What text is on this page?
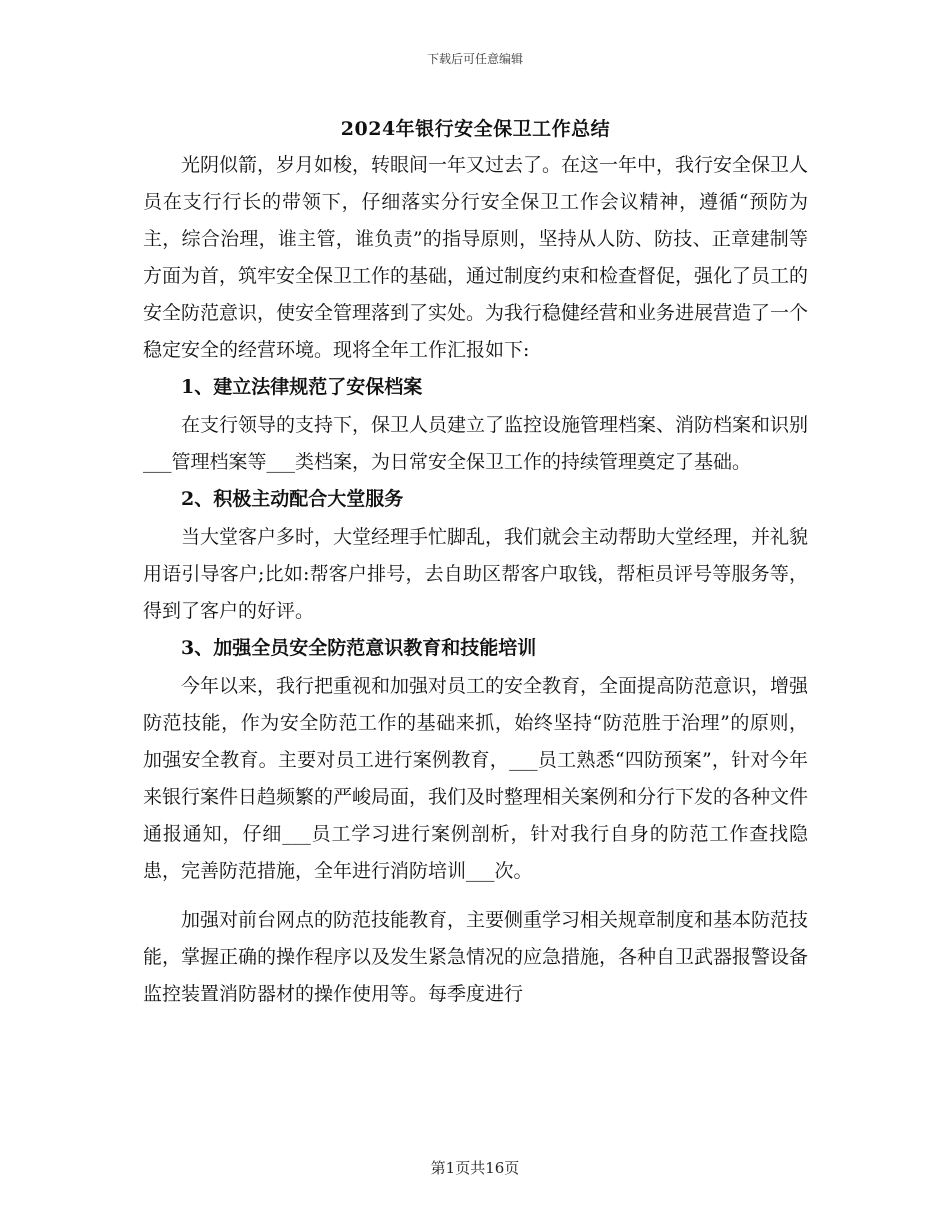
下载后可任意编辑
2024年银行安全保卫工作总结

光阴似箭，岁月如梭，转眼间一年又过去了。在这一年中，我行安全保卫人员在支行行长的带领下，仔细落实分行安全保卫工作会议精神，遵循“预防为主，综合治理，谁主管，谁负责”的指导原则，坚持从人防、防技、正章建制等方面为首，筑牢安全保卫工作的基础，通过制度约束和检查督促，强化了员工的安全防范意识，使安全管理落到了实处。为我行稳健经营和业务进展营造了一个稳定安全的经营环境。现将全年工作汇报如下:

1、建立法律规范了安保档案

在支行领导的支持下，保卫人员建立了监控设施管理档案、消防档案和识别___管理档案等___类档案，为日常安全保卫工作的持续管理奠定了基础。

2、积极主动配合大堂服务

当大堂客户多时，大堂经理手忙脚乱，我们就会主动帮助大堂经理，并礼貌用语引导客户;比如:帮客户排号，去自助区帮客户取钱，帮柜员评号等服务等，得到了客户的好评。

3、加强全员安全防范意识教育和技能培训

今年以来，我行把重视和加强对员工的安全教育，全面提高防范意识，增强防范技能，作为安全防范工作的基础来抓，始终坚持“防范胜于治理”的原则，加强安全教育。主要对员工进行案例教育，___员工熟悉“四防预案”，针对今年来银行案件日趋频繁的严峻局面，我们及时整理相关案例和分行下发的各种文件通报通知，仔细___员工学习进行案例剖析，针对我行自身的防范工作查找隐患，完善防范措施，全年进行消防培训___次。

加强对前台网点的防范技能教育，主要侧重学习相关规章制度和基本防范技能，掌握正确的操作程序以及发生紧急情况的应急措施，各种自卫武器报警设备监控装置消防器材的操作使用等。每季度进行

第1页共16页
